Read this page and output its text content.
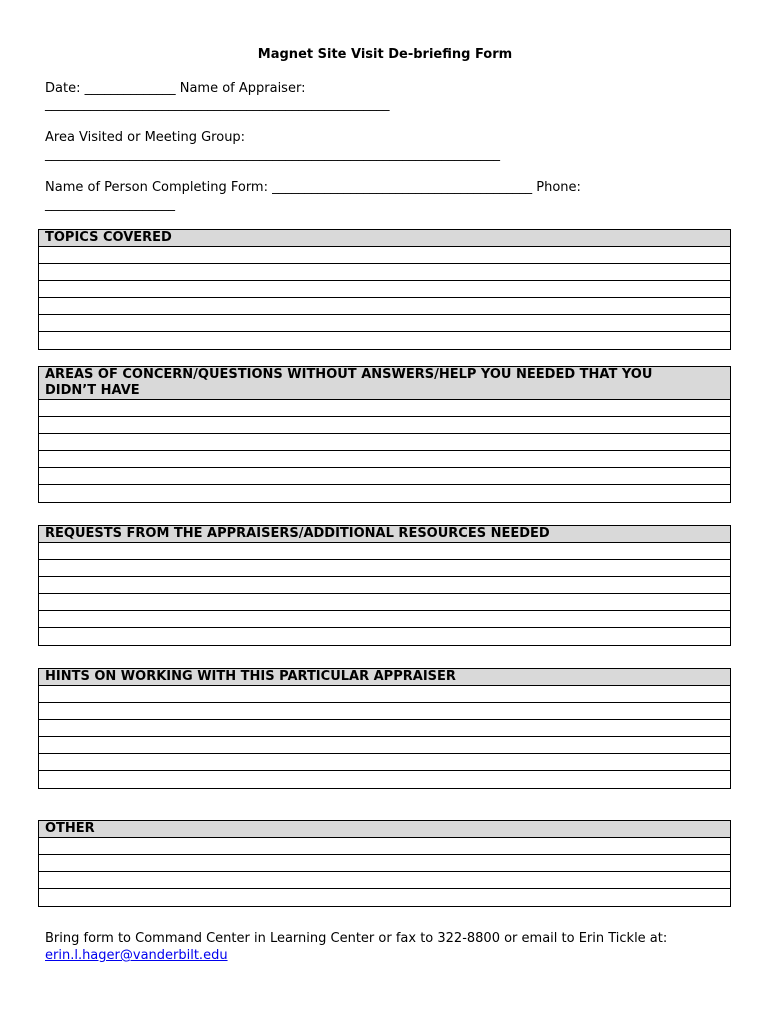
Magnet Site Visit De-briefing Form
Date: ______________ Name of Appraiser:
_____________________________________________________
Area Visited or Meeting Group:
______________________________________________________________________
Name of Person Completing Form: ________________________________________ Phone:
____________________
TOPICS COVERED
AREAS OF CONCERN/QUESTIONS WITHOUT ANSWERS/HELP YOU NEEDED THAT YOU
DIDN’T HAVE
REQUESTS FROM THE APPRAISERS/ADDITIONAL RESOURCES NEEDED
HINTS ON WORKING WITH THIS PARTICULAR APPRAISER
OTHER
Bring form to Command Center in Learning Center or fax to 322-8800 or email to Erin Tickle at:
erin.l.hager@vanderbilt.edu
